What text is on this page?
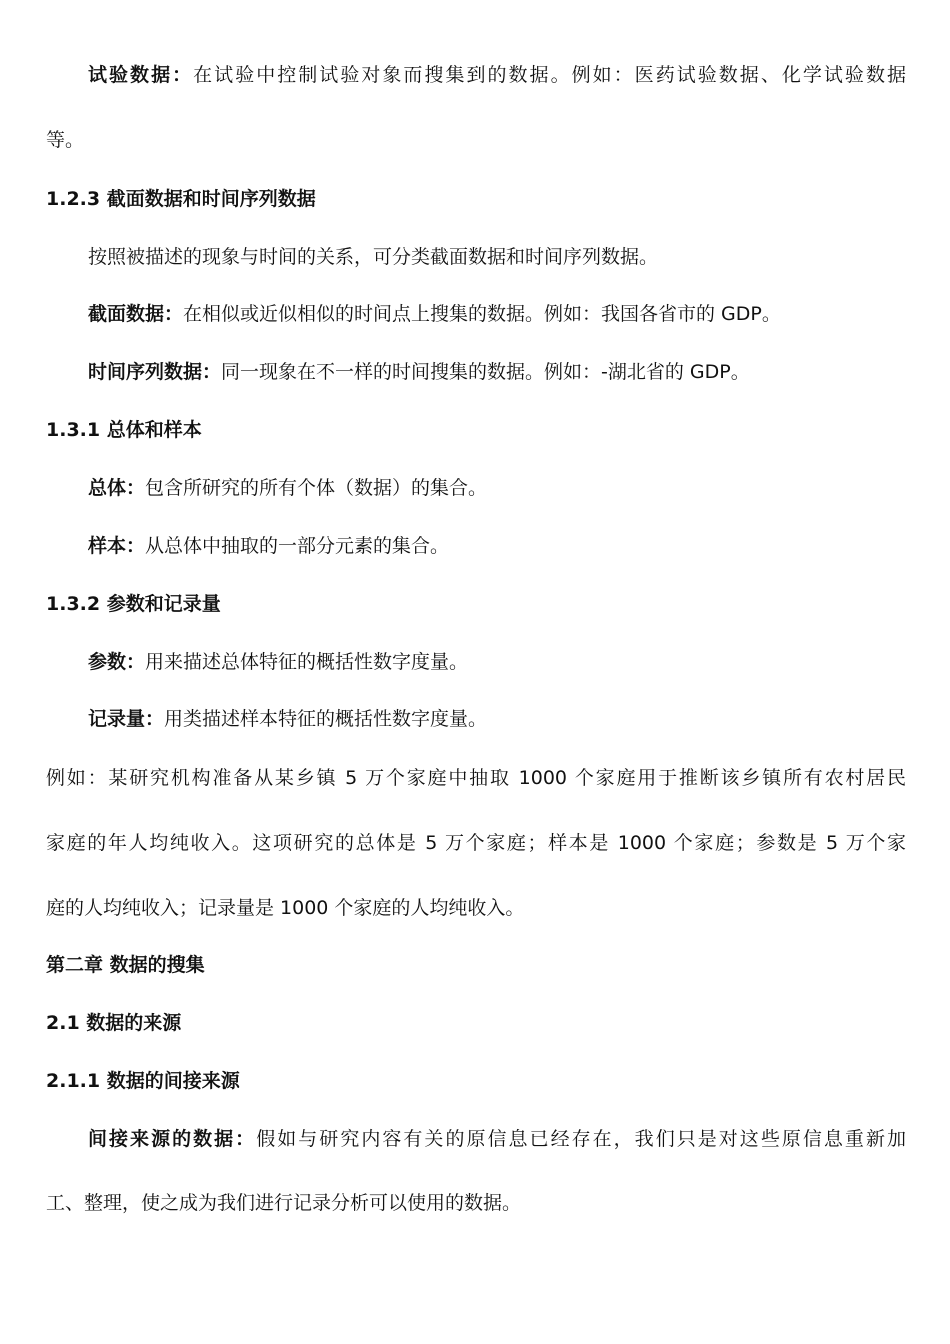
试验数据：在试验中控制试验对象而搜集到的数据。例如：医药试验数据、化学试验数据
等。
1.2.3 截面数据和时间序列数据
按照被描述的现象与时间的关系，可分类截面数据和时间序列数据。
截面数据：在相似或近似相似的时间点上搜集的数据。例如：我国各省市的 GDP。
时间序列数据：同一现象在不一样的时间搜集的数据。例如：-湖北省的 GDP。
1.3.1 总体和样本
总体：包含所研究的所有个体（数据）的集合。
样本：从总体中抽取的一部分元素的集合。
1.3.2 参数和记录量
参数：用来描述总体特征的概括性数字度量。
记录量：用类描述样本特征的概括性数字度量。
例如：某研究机构准备从某乡镇 5 万个家庭中抽取 1000 个家庭用于推断该乡镇所有农村居民
家庭的年人均纯收入。这项研究的总体是 5 万个家庭；样本是 1000 个家庭；参数是 5 万个家
庭的人均纯收入；记录量是 1000 个家庭的人均纯收入。
第二章 数据的搜集
2.1 数据的来源
2.1.1 数据的间接来源
间接来源的数据：假如与研究内容有关的原信息已经存在，我们只是对这些原信息重新加
工、整理，使之成为我们进行记录分析可以使用的数据。
